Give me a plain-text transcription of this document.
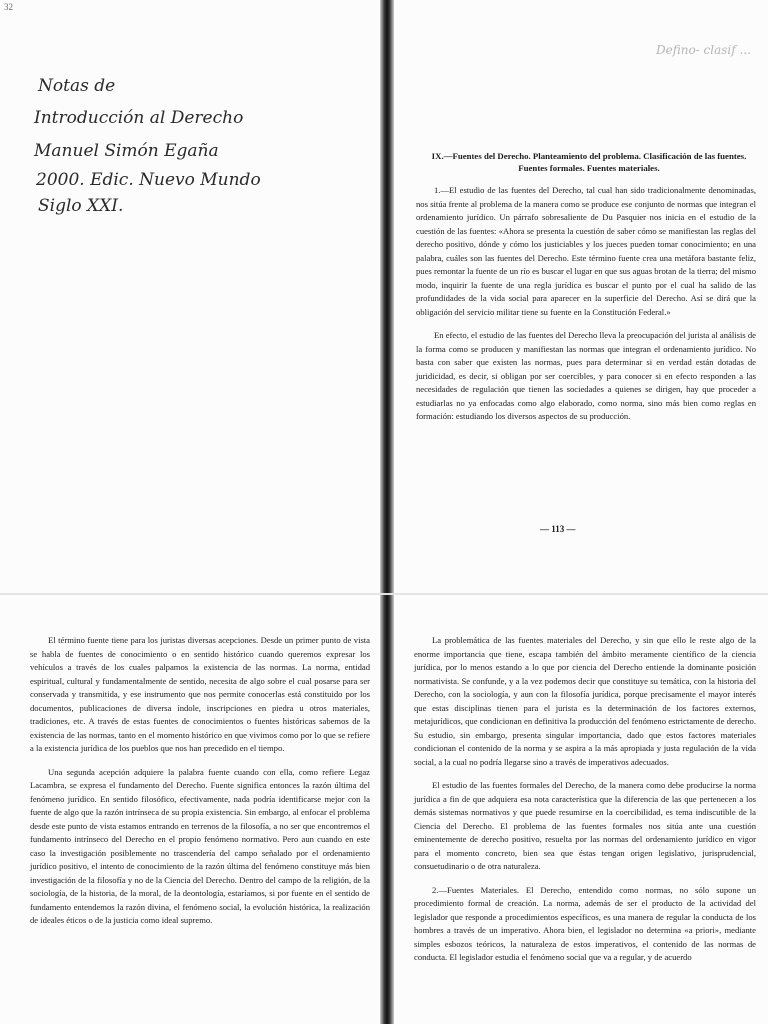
32
Notas de
Introducción al Derecho
Manuel Simón Egaña
2000. Edic. Nuevo Mundo
Siglo XXI.
Defino- clasif ...
IX.—Fuentes del Derecho. Planteamiento del problema. Clasificación de las fuentes. Fuentes formales. Fuentes materiales.

1.—El estudio de las fuentes del Derecho, tal cual han sido tradicionalmente denominadas, nos sitúa frente al problema de la manera como se produce ese conjunto de normas que integran el ordenamiento jurídico. Un párrafo sobresaliente de Du Pasquier nos inicia en el estudio de la cuestión de las fuentes: «Ahora se presenta la cuestión de saber cómo se manifiestan las reglas del derecho positivo, dónde y cómo los justiciables y los jueces pueden tomar conocimiento; en una palabra, cuáles son las fuentes del Derecho. Este término fuente crea una metáfora bastante feliz, pues remontar la fuente de un río es buscar el lugar en que sus aguas brotan de la tierra; del mismo modo, inquirir la fuente de una regla jurídica es buscar el punto por el cual ha salido de las profundidades de la vida social para aparecer en la superficie del Derecho. Así se dirá que la obligación del servicio militar tiene su fuente en la Constitución Federal.»

En efecto, el estudio de las fuentes del Derecho lleva la preocupación del jurista al análisis de la forma como se producen y manifiestan las normas que integran el ordenamiento jurídico. No basta con saber que existen las normas, pues para determinar si en verdad están dotadas de juridicidad, es decir, si obligan por ser coercibles, y para conocer si en efecto responden a las necesidades de regulación que tienen las sociedades a quienes se dirigen, hay que proceder a estudiarlas no ya enfocadas como algo elaborado, como norma, sino más bien como reglas en formación: estudiando los diversos aspectos de su producción.

— 113 —

El término fuente tiene para los juristas diversas acepciones. Desde un primer punto de vista se habla de fuentes de conocimiento o en sentido histórico cuando queremos expresar los vehículos a través de los cuales palpamos la existencia de las normas. La norma, entidad espiritual, cultural y fundamentalmente de sentido, necesita de algo sobre el cual posarse para ser conservada y transmitida, y ese instrumento que nos permite conocerlas está constituido por los documentos, publicaciones de diversa índole, inscripciones en piedra u otros materiales, tradiciones, etc. A través de estas fuentes de conocimientos o fuentes históricas sabemos de la existencia de las normas, tanto en el momento histórico en que vivimos como por lo que se refiere a la existencia jurídica de los pueblos que nos han precedido en el tiempo.

Una segunda acepción adquiere la palabra fuente cuando con ella, como refiere Legaz Lacambra, se expresa el fundamento del Derecho. Fuente significa entonces la razón última del fenómeno jurídico. En sentido filosófico, efectivamente, nada podría identificarse mejor con la fuente de algo que la razón intrínseca de su propia existencia. Sin embargo, al enfocar el problema desde este punto de vista estamos entrando en terrenos de la filosofía, a no ser que encontremos el fundamento intrínseco del Derecho en el propio fenómeno normativo. Pero aun cuando en este caso la investigación posiblemente no trascendería del campo señalado por el ordenamiento jurídico positivo, el intento de conocimiento de la razón última del fenómeno constituye más bien investigación de la filosofía y no de la Ciencia del Derecho. Dentro del campo de la religión, de la sociología, de la historia, de la moral, de la deontología, estaríamos, si por fuente en el sentido de fundamento entendemos la razón divina, el fenómeno social, la evolución histórica, la realización de ideales éticos o de la justicia como ideal supremo.

La problemática de las fuentes materiales del Derecho, y sin que ello le reste algo de la enorme importancia que tiene, escapa también del ámbito meramente científico de la ciencia jurídica, por lo menos estando a lo que por ciencia del Derecho entiende la dominante posición normativista. Se confunde, y a la vez podemos decir que constituye su temática, con la historia del Derecho, con la sociología, y aun con la filosofía jurídica, porque precisamente el mayor interés que estas disciplinas tienen para el jurista es la determinación de los factores externos, metajurídicos, que condicionan en definitiva la producción del fenómeno estrictamente de derecho. Su estudio, sin embargo, presenta singular importancia, dado que estos factores materiales condicionan el contenido de la norma y se aspira a la más apropiada y justa regulación de la vida social, a la cual no podría llegarse sino a través de imperativos adecuados.

El estudio de las fuentes formales del Derecho, de la manera como debe producirse la norma jurídica a fin de que adquiera esa nota característica que la diferencia de las que pertenecen a los demás sistemas normativos y que puede resumirse en la coercibilidad, es tema indiscutible de la Ciencia del Derecho. El problema de las fuentes formales nos sitúa ante una cuestión eminentemente de derecho positivo, resuelta por las normas del ordenamiento jurídico en vigor para el momento concreto, bien sea que éstas tengan origen legislativo, jurisprudencial, consuetudinario o de otra naturaleza.

2.—Fuentes Materiales. El Derecho, entendido como normas, no sólo supone un procedimiento formal de creación. La norma, además de ser el producto de la actividad del legislador que responde a procedimientos específicos, es una manera de regular la conducta de los hombres a través de un imperativo. Ahora bien, el legislador no determina «a priori», mediante simples esbozos teóricos, la naturaleza de estos imperativos, el contenido de las normas de conducta. El legislador estudia el fenómeno social que va a regular, y de acuerdo
